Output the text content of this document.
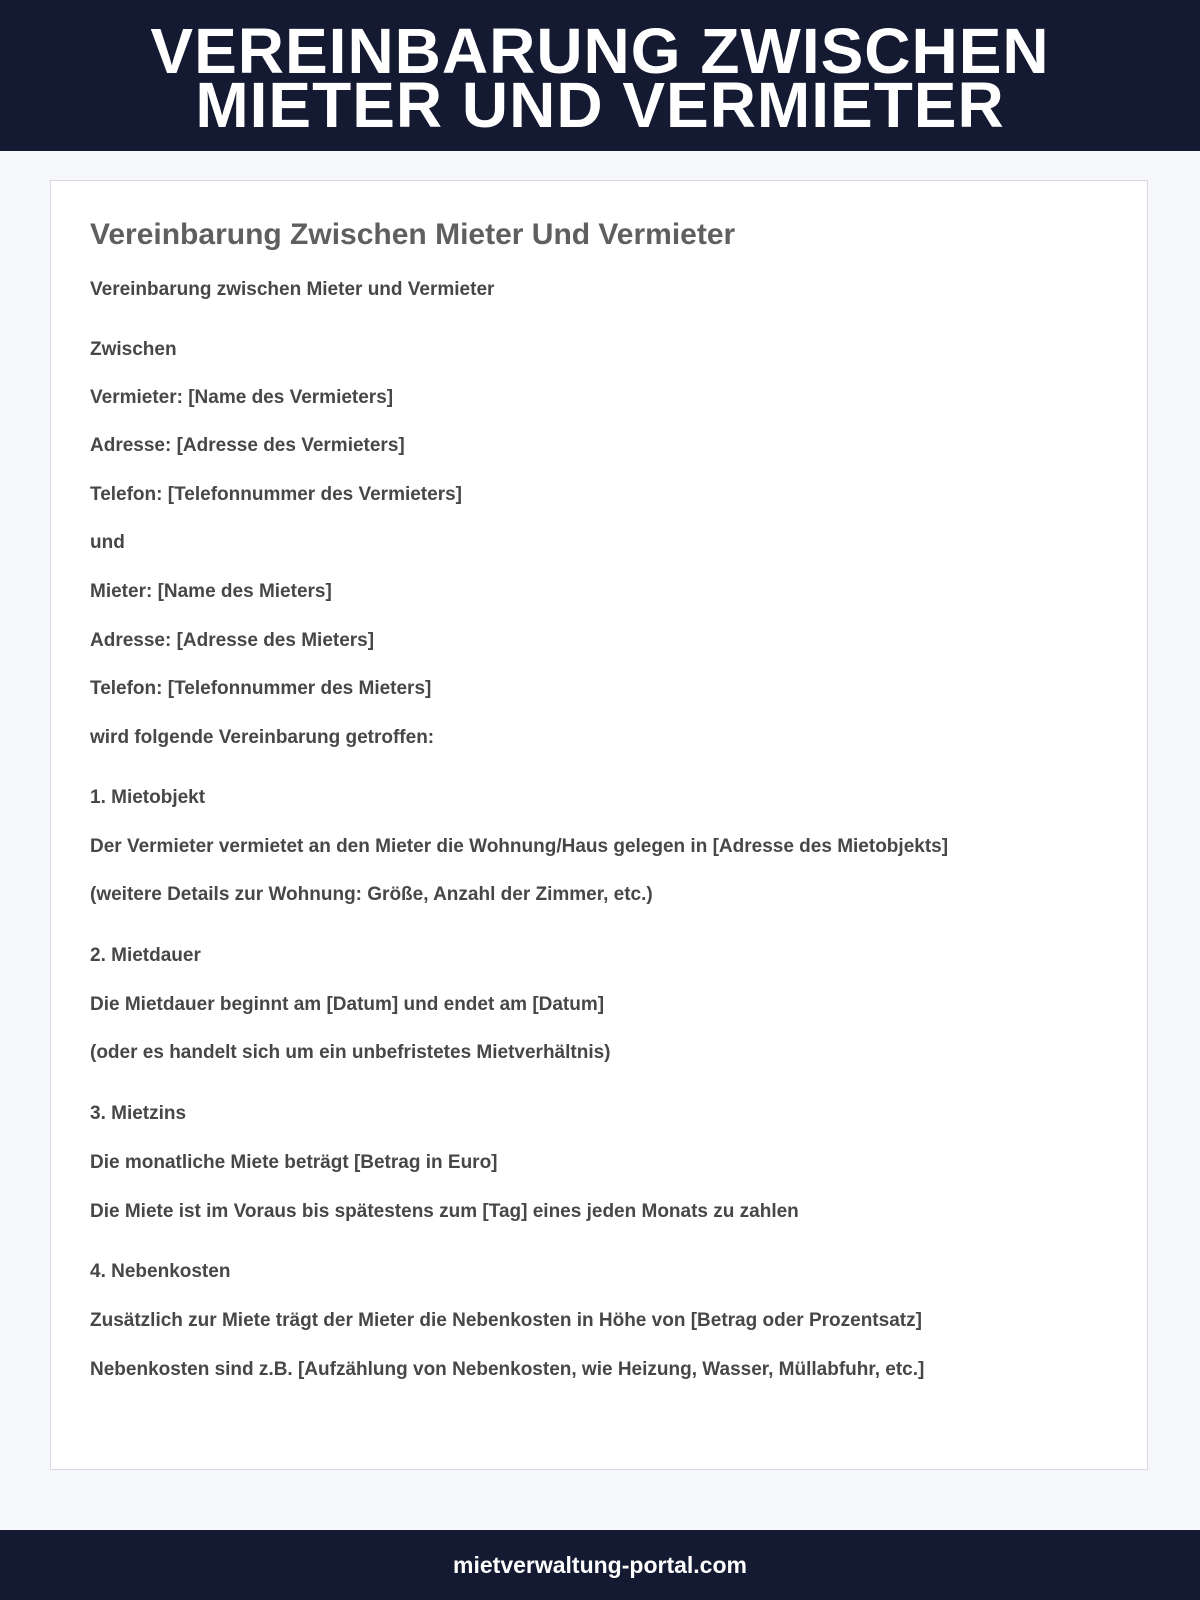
VEREINBARUNG ZWISCHEN
MIETER UND VERMIETER
Vereinbarung Zwischen Mieter Und Vermieter

Vereinbarung zwischen Mieter und Vermieter

Zwischen

Vermieter: [Name des Vermieters]

Adresse: [Adresse des Vermieters]

Telefon: [Telefonnummer des Vermieters]

und

Mieter: [Name des Mieters]

Adresse: [Adresse des Mieters]

Telefon: [Telefonnummer des Mieters]

wird folgende Vereinbarung getroffen:

1. Mietobjekt

Der Vermieter vermietet an den Mieter die Wohnung/Haus gelegen in [Adresse des Mietobjekts]

(weitere Details zur Wohnung: Größe, Anzahl der Zimmer, etc.)

2. Mietdauer

Die Mietdauer beginnt am [Datum] und endet am [Datum]

(oder es handelt sich um ein unbefristetes Mietverhältnis)

3. Mietzins

Die monatliche Miete beträgt [Betrag in Euro]

Die Miete ist im Voraus bis spätestens zum [Tag] eines jeden Monats zu zahlen

4. Nebenkosten

Zusätzlich zur Miete trägt der Mieter die Nebenkosten in Höhe von [Betrag oder Prozentsatz]

Nebenkosten sind z.B. [Aufzählung von Nebenkosten, wie Heizung, Wasser, Müllabfuhr, etc.]

mietverwaltung-portal.com
